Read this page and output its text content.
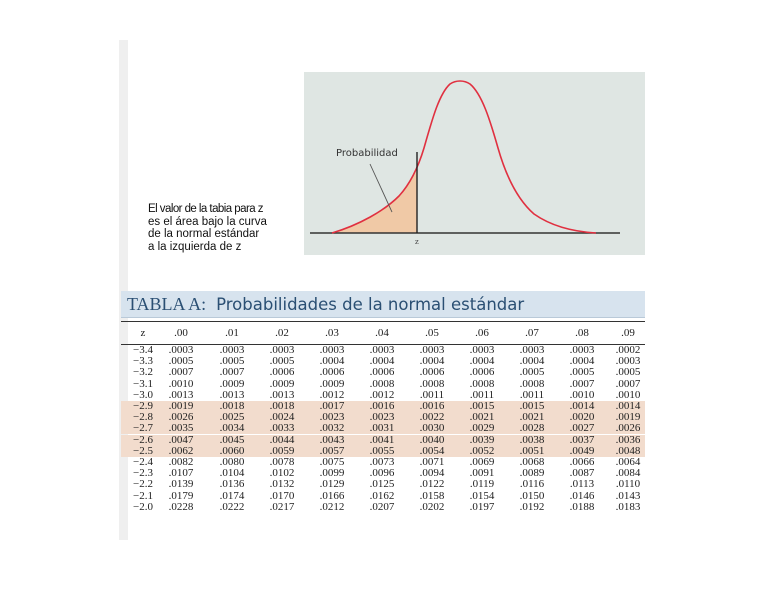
Probabilidad
z
El valor de la tabia para z
es el área bajo la curva
de la normal estándar
a la izquierda de z
TABLA A: Probabilidades de la normal estándar
z	.00	.01	.02	.03	.04	.05	.06	.07	.08	.09
−3.4	.0003	.0003	.0003	.0003	.0003	.0003	.0003	.0003	.0003	.0002
−3.3	.0005	.0005	.0005	.0004	.0004	.0004	.0004	.0004	.0004	.0003
−3.2	.0007	.0007	.0006	.0006	.0006	.0006	.0006	.0005	.0005	.0005
−3.1	.0010	.0009	.0009	.0009	.0008	.0008	.0008	.0008	.0007	.0007
−3.0	.0013	.0013	.0013	.0012	.0012	.0011	.0011	.0011	.0010	.0010
−2.9	.0019	.0018	.0018	.0017	.0016	.0016	.0015	.0015	.0014	.0014
−2.8	.0026	.0025	.0024	.0023	.0023	.0022	.0021	.0021	.0020	.0019
−2.7	.0035	.0034	.0033	.0032	.0031	.0030	.0029	.0028	.0027	.0026
−2.6	.0047	.0045	.0044	.0043	.0041	.0040	.0039	.0038	.0037	.0036
−2.5	.0062	.0060	.0059	.0057	.0055	.0054	.0052	.0051	.0049	.0048
−2.4	.0082	.0080	.0078	.0075	.0073	.0071	.0069	.0068	.0066	.0064
−2.3	.0107	.0104	.0102	.0099	.0096	.0094	.0091	.0089	.0087	.0084
−2.2	.0139	.0136	.0132	.0129	.0125	.0122	.0119	.0116	.0113	.0110
−2.1	.0179	.0174	.0170	.0166	.0162	.0158	.0154	.0150	.0146	.0143
−2.0	.0228	.0222	.0217	.0212	.0207	.0202	.0197	.0192	.0188	.0183
